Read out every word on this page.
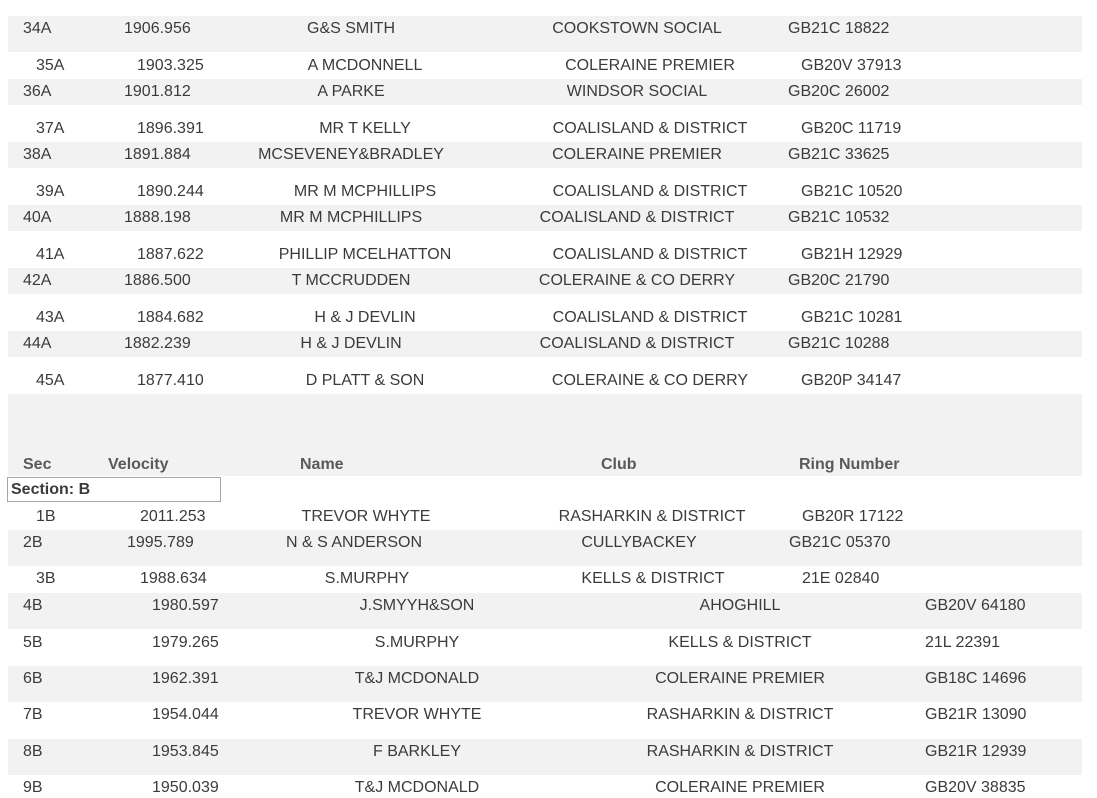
34A	1906.956	G&S SMITH	COOKSTOWN SOCIAL	GB21C 18822
35A	1903.325	A MCDONNELL	COLERAINE PREMIER	GB20V 37913
36A	1901.812	A PARKE	WINDSOR SOCIAL	GB20C 26002
37A	1896.391	MR T KELLY	COALISLAND & DISTRICT	GB20C 11719
38A	1891.884	MCSEVENEY&BRADLEY	COLERAINE PREMIER	GB21C 33625
39A	1890.244	MR M MCPHILLIPS	COALISLAND & DISTRICT	GB21C 10520
40A	1888.198	MR M MCPHILLIPS	COALISLAND & DISTRICT	GB21C 10532
41A	1887.622	PHILLIP MCELHATTON	COALISLAND & DISTRICT	GB21H 12929
42A	1886.500	T MCCRUDDEN	COLERAINE & CO DERRY	GB20C 21790
43A	1884.682	H & J DEVLIN	COALISLAND & DISTRICT	GB21C 10281
44A	1882.239	H & J DEVLIN	COALISLAND & DISTRICT	GB21C 10288
45A	1877.410	D PLATT & SON	COLERAINE & CO DERRY	GB20P 34147
Sec	Velocity	Name	Club	Ring Number
Section: B
1B	2011.253	TREVOR WHYTE	RASHARKIN & DISTRICT	GB20R 17122
2B	1995.789	N & S ANDERSON	CULLYBACKEY	GB21C 05370
3B	1988.634	S.MURPHY	KELLS & DISTRICT	21E 02840
4B	1980.597	J.SMYYH&SON	AHOGHILL	GB20V 64180
5B	1979.265	S.MURPHY	KELLS & DISTRICT	21L 22391
6B	1962.391	T&J MCDONALD	COLERAINE PREMIER	GB18C 14696
7B	1954.044	TREVOR WHYTE	RASHARKIN & DISTRICT	GB21R 13090
8B	1953.845	F BARKLEY	RASHARKIN & DISTRICT	GB21R 12939
9B	1950.039	T&J MCDONALD	COLERAINE PREMIER	GB20V 38835
